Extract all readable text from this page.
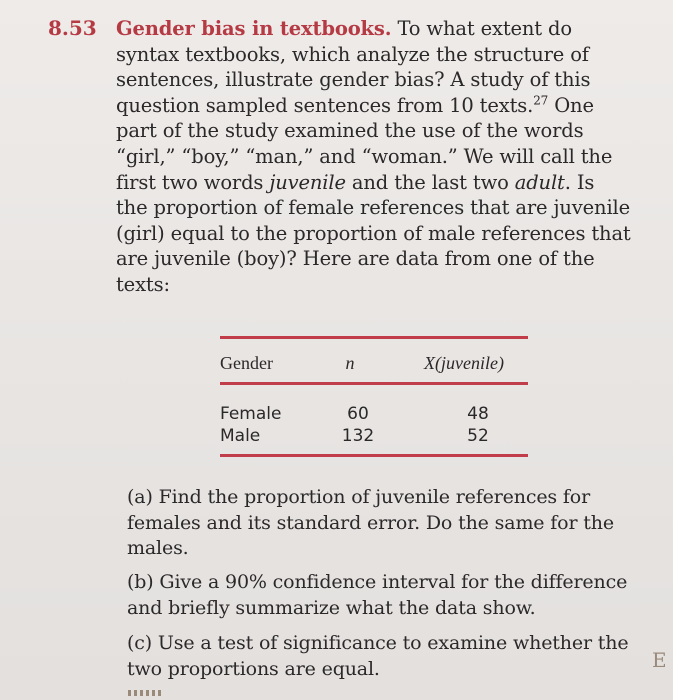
8.53 Gender bias in textbooks. To what extent do
syntax textbooks, which analyze the structure of
sentences, illustrate gender bias? A study of this
question sampled sentences from 10 texts.$^{27}$ One
part of the study examined the use of the words
“girl,” “boy,” “man,” and “woman.” We will call the
first two words juvenile and the last two adult. Is
the proportion of female references that are juvenile
(girl) equal to the proportion of male references that
are juvenile (boy)? Here are data from one of the
texts:
Gender	n	X(juvenile)
Female	60	48
Male	132	52
(a) Find the proportion of juvenile references for
females and its standard error. Do the same for the
males.
(b) Give a 90% confidence interval for the difference
and briefly summarize what the data show.
(c) Use a test of significance to examine whether the
two proportions are equal.	E
